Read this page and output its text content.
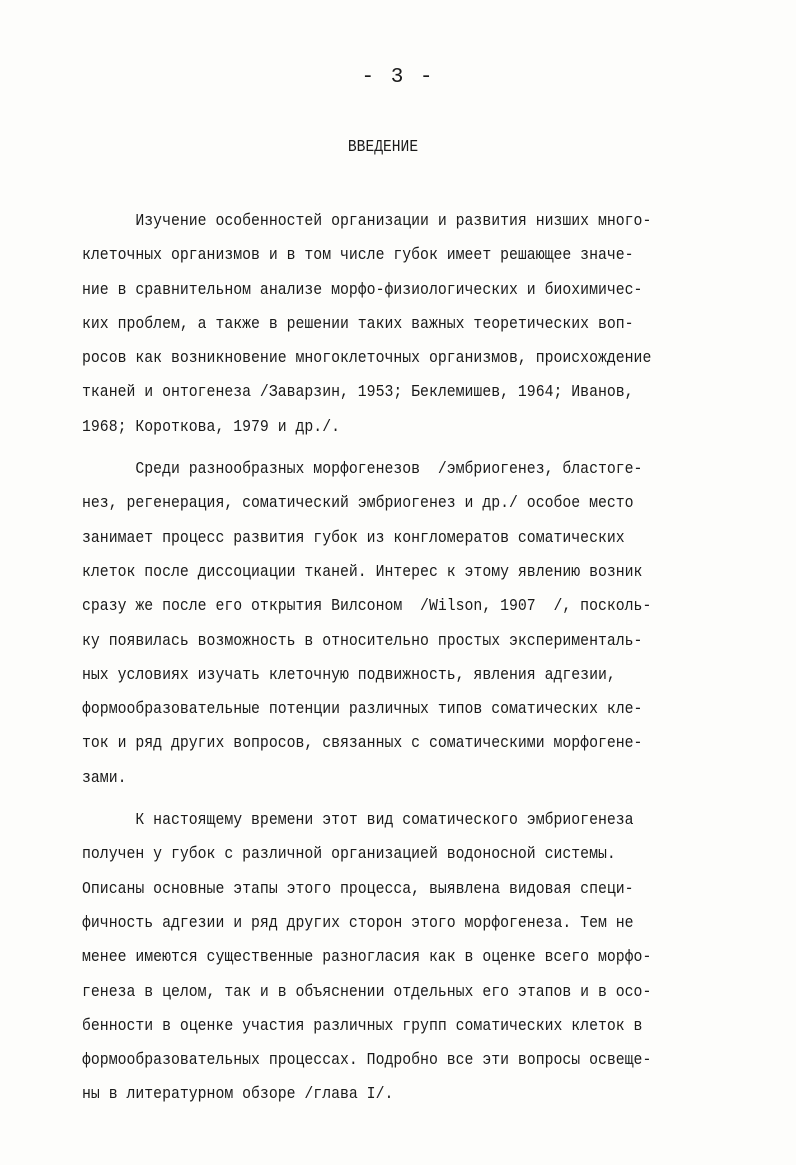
- 3 -
ВВЕДЕНИЕ
Изучение особенностей организации и развития низших много-
клеточных организмов и в том числе губок имеет решающее значе-
ние в сравнительном анализе морфо-физиологических и биохимичес-
ких проблем, а также в решении таких важных теоретических воп-
росов как возникновение многоклеточных организмов, происхождение
тканей и онтогенеза /Заварзин, 1953; Беклемишев, 1964; Иванов,
1968; Короткова, 1979 и др./.
Среди разнообразных морфогенезов  /эмбриогенез, бластоге-
нез, регенерация, соматический эмбриогенез и др./ особое место
занимает процесс развития губок из конгломератов соматических
клеток после диссоциации тканей. Интерес к этому явлению возник
сразу же после его открытия Вилсоном  /Wilson, 1907  /, посколь-
ку появилась возможность в относительно простых эксперименталь-
ных условиях изучать клеточную подвижность, явления адгезии,
формообразовательные потенции различных типов соматических кле-
ток и ряд других вопросов, связанных с соматическими морфогене-
зами.
К настоящему времени этот вид соматического эмбриогенеза
получен у губок с различной организацией водоносной системы.
Описаны основные этапы этого процесса, выявлена видовая специ-
фичность адгезии и ряд других сторон этого морфогенеза. Тем не
менее имеются существенные разногласия как в оценке всего морфо-
генеза в целом, так и в объяснении отдельных его этапов и в осо-
бенности в оценке участия различных групп соматических клеток в
формообразовательных процессах. Подробно все эти вопросы освеще-
ны в литературном обзоре /глава I/.
